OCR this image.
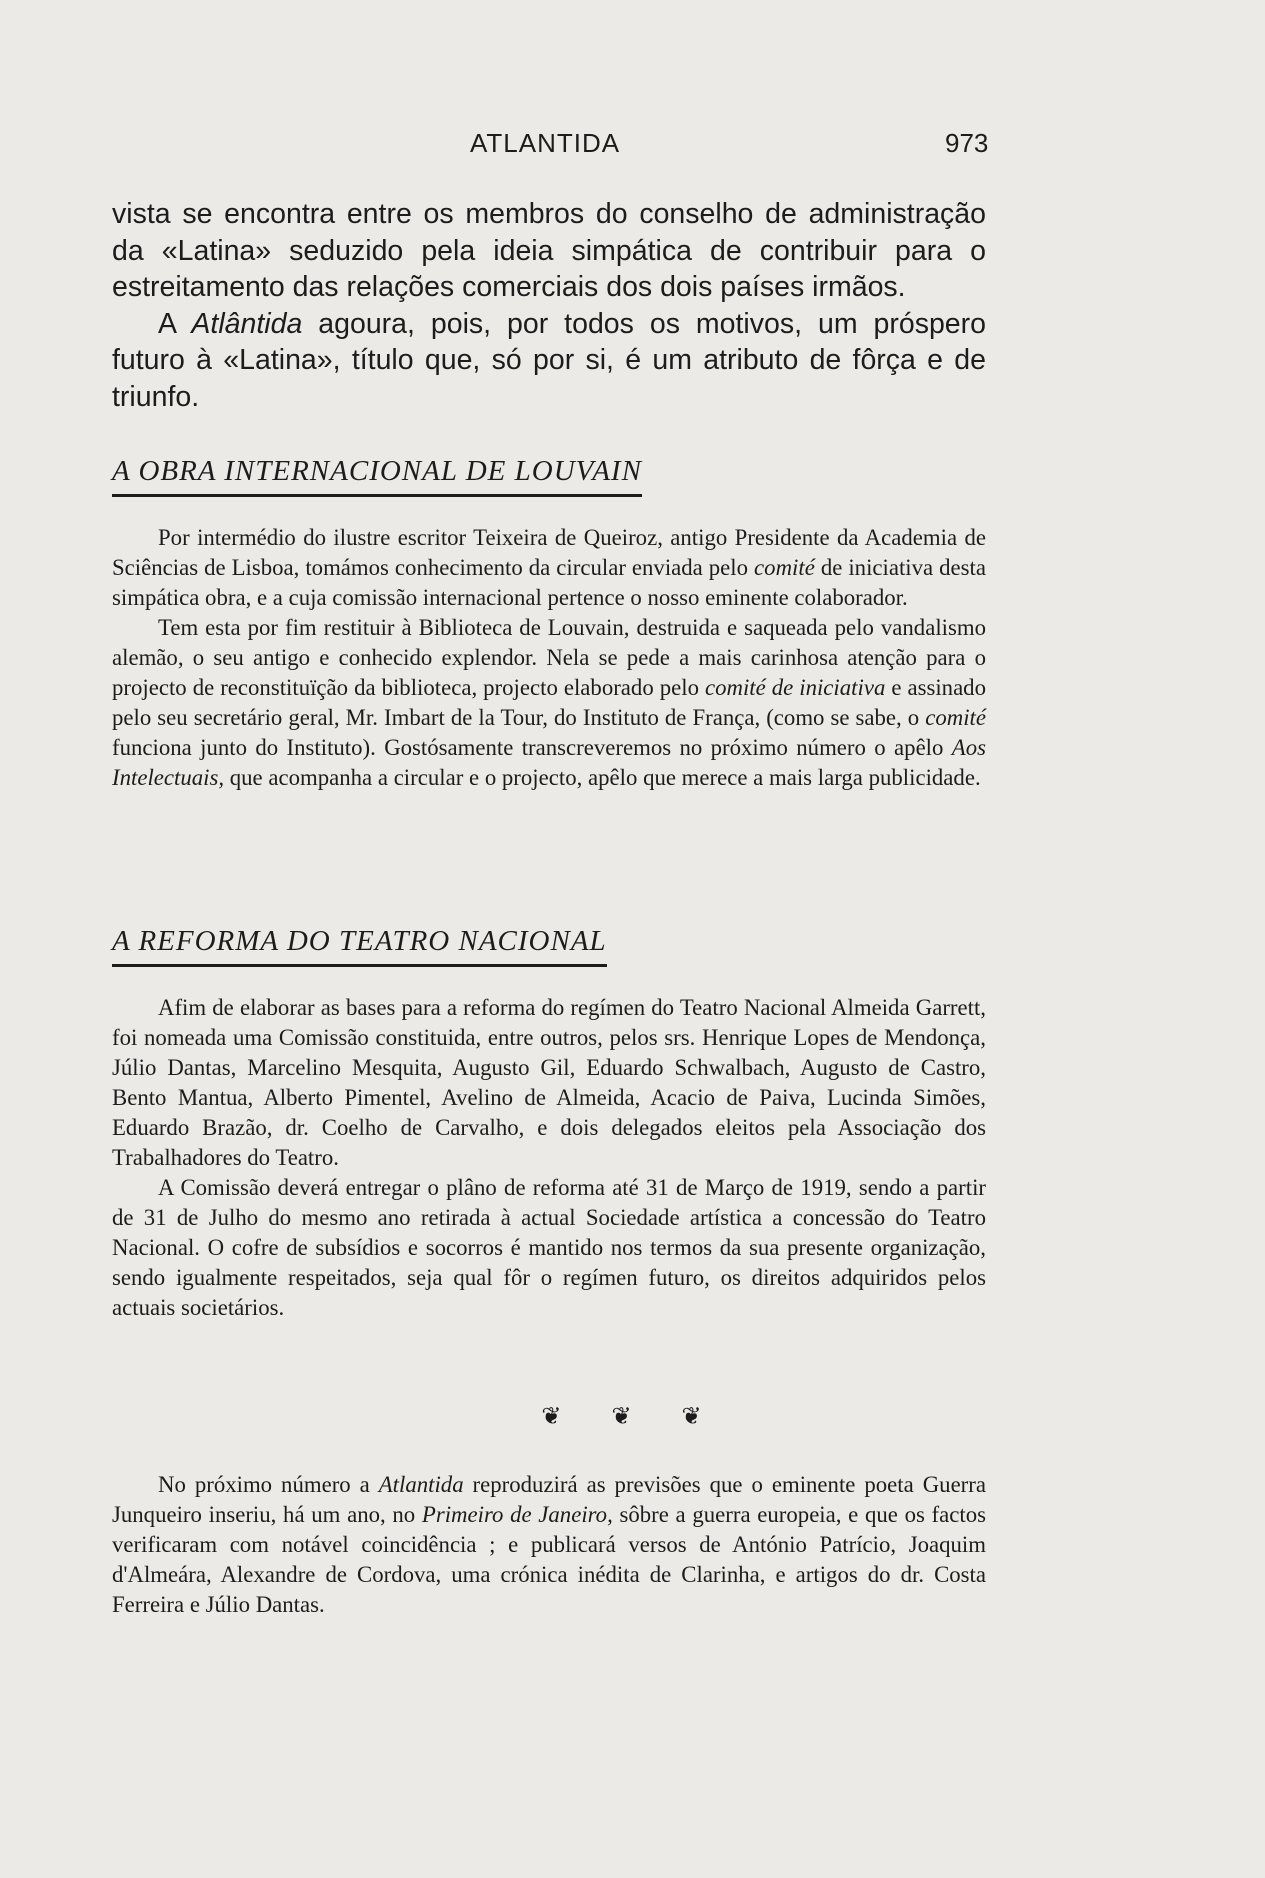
ATLANTIDA	973

vista se encontra entre os membros do conselho de administração da «Latina» seduzido pela ideia simpática de contribuir para o estreitamento das relações comerciais dos dois países irmãos.

A Atlântida agoura, pois, por todos os motivos, um próspero futuro à «Latina», título que, só por si, é um atributo de fôrça e de triunfo.

A OBRA INTERNACIONAL DE LOUVAIN

Por intermédio do ilustre escritor Teixeira de Queiroz, antigo Presidente da Academia de Sciências de Lisboa, tomámos conhecimento da circular enviada pelo comité de iniciativa desta simpática obra, e a cuja comissão internacional pertence o nosso eminente colaborador.

Tem esta por fim restituir à Biblioteca de Louvain, destruida e saqueada pelo vandalismo alemão, o seu antigo e conhecido explendor. Nela se pede a mais carinhosa atenção para o projecto de reconstituïção da biblioteca, projecto elaborado pelo comité de iniciativa e assinado pelo seu secretário geral, Mr. Imbart de la Tour, do Instituto de França, (como se sabe, o comité funciona junto do Instituto). Gostósamente transcreveremos no próximo número o apêlo Aos Intelectuais, que acompanha a circular e o projecto, apêlo que merece a mais larga publicidade.

A REFORMA DO TEATRO NACIONAL

Afim de elaborar as bases para a reforma do regímen do Teatro Nacional Almeida Garrett, foi nomeada uma Comissão constituida, entre outros, pelos srs. Henrique Lopes de Mendonça, Júlio Dantas, Marcelino Mesquita, Augusto Gil, Eduardo Schwalbach, Augusto de Castro, Bento Mantua, Alberto Pimentel, Avelino de Almeida, Acacio de Paiva, Lucinda Simões, Eduardo Brazão, dr. Coelho de Carvalho, e dois delegados eleitos pela Associação dos Trabalhadores do Teatro.

A Comissão deverá entregar o plâno de reforma até 31 de Março de 1919, sendo a partir de 31 de Julho do mesmo ano retirada à actual Sociedade artística a concessão do Teatro Nacional. O cofre de subsídios e socorros é mantido nos termos da sua presente organização, sendo igualmente respeitados, seja qual fôr o regímen futuro, os direitos adquiridos pelos actuais societários.

❦ ❦ ❦

No próximo número a Atlantida reproduzirá as previsões que o eminente poeta Guerra Junqueiro inseriu, há um ano, no Primeiro de Janeiro, sôbre a guerra europeia, e que os factos verificaram com notável coincidência ; e publicará versos de António Patrício, Joaquim d'Almeára, Alexandre de Cordova, uma crónica inédita de Clarinha, e artigos do dr. Costa Ferreira e Júlio Dantas.
